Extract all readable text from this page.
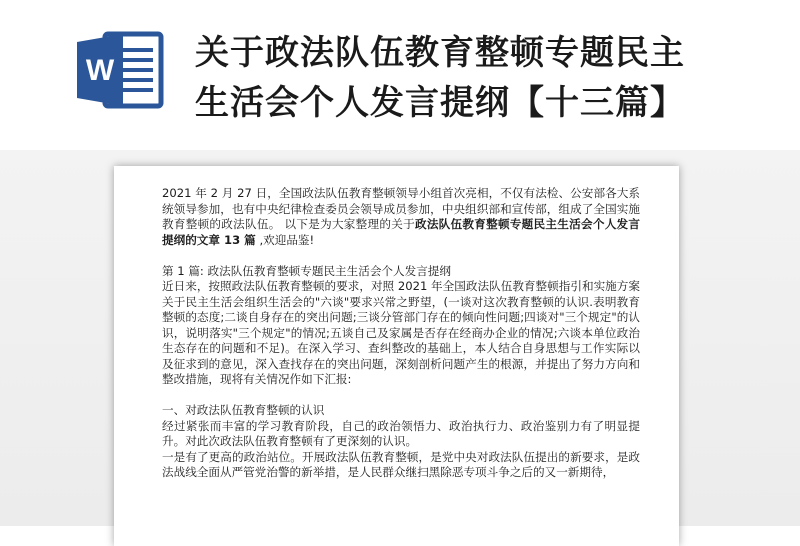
W 关于政法队伍教育整顿专题民主
生活会个人发言提纲【十三篇】

2021 年 2 月 27 日，全国政法队伍教育整顿领导小组首次亮相，不仅有法检、公安部各大系统领导参加，也有中央纪律检查委员会领导成员参加，中央组织部和宣传部，组成了全国实施教育整顿的政法队伍。 以下是为大家整理的关于政法队伍教育整顿专题民主生活会个人发言提纲的文章 13 篇 ,欢迎品鉴!

第 1 篇: 政法队伍教育整顿专题民主生活会个人发言提纲

近日来，按照政法队伍教育整顿的要求，对照 2021 年全国政法队伍教育整顿指引和实施方案关于民主生活会组织生活会的"六谈"要求兴常之野望，(一谈对这次教育整顿的认识.表明教育整顿的态度;二谈自身存在的突出问题;三谈分管部门存在的倾向性问题;四谈对"三个规定"的认识，说明落实"三个规定"的情况;五谈自己及家属是否存在经商办企业的情况;六谈本单位政治生态存在的问题和不足)。在深入学习、查纠整改的基础上，本人结合自身思想与工作实际以及征求到的意见，深入查找存在的突出问题，深刻剖析问题产生的根源，并提出了努力方向和整改措施，现将有关情况作如下汇报:

一、对政法队伍教育整顿的认识

经过紧张而丰富的学习教育阶段，自己的政治领悟力、政治执行力、政治鉴别力有了明显提升。对此次政法队伍教育整顿有了更深刻的认识。

一是有了更高的政治站位。开展政法队伍教育整顿，是党中央对政法队伍提出的新要求，是政法战线全面从严管党治警的新举措，是人民群众继扫黑除恶专项斗争之后的又一新期待，
